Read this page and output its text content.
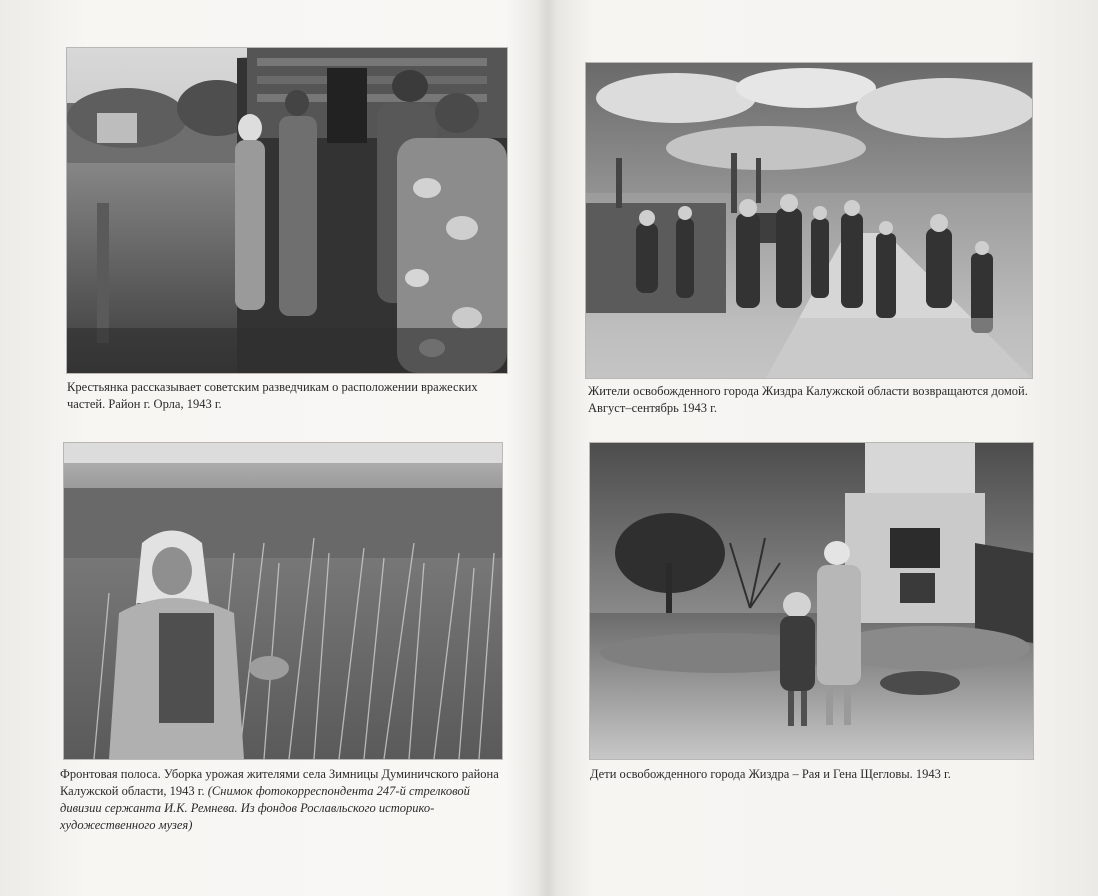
Крестьянка рассказывает советским разведчикам о расположении вражеских частей. Район г. Орла, 1943 г.
Жители освобожденного города Жиздра Калужской области возвращаются домой. Август–сентябрь 1943 г.
Фронтовая полоса. Уборка урожая жителями села Зимницы Думиничского района Калужской области, 1943 г. (Снимок фотокорреспондента 247-й стрелковой дивизии сержанта И.К. Ремнева. Из фондов Рославльского историко-художественного музея)
Дети освобожденного города Жиздра – Рая и Гена Щегловы. 1943 г.
